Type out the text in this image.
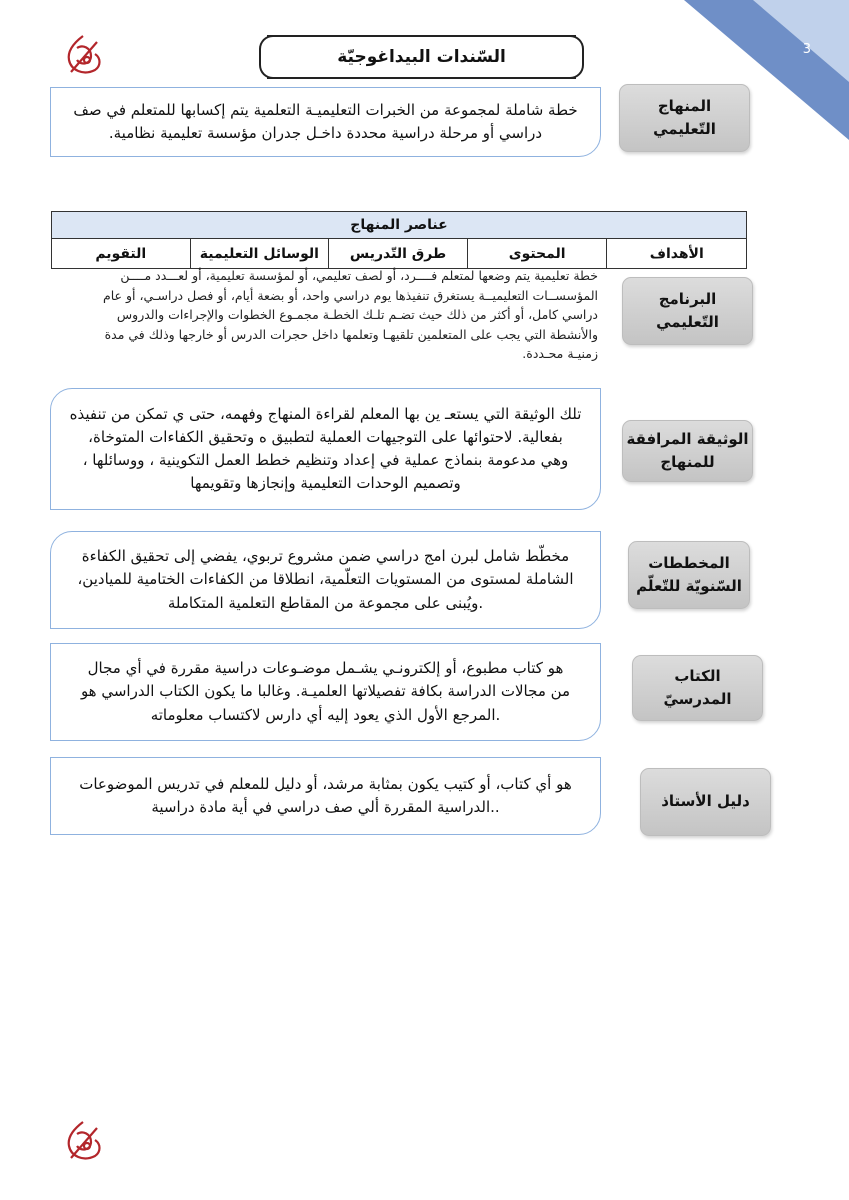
3
السّندات البيداغوجيّة
المنهاج
التّعليمي
خطة شاملة لمجموعة من الخبرات التعليميـة التعلمية يتم إكسابها للمتعلم في صف دراسي أو مرحلة دراسية محددة داخـل جدران مؤسسة تعليمية نظامية.
عناصر المنهاج
الأهداف	المحتوى	طرق التّدريس	الوسائل التعليمية	التقويم
البرنامج
التّعليمي
خطة تعليمية يتم وضعها لمتعلم فــــرد، أو لصف تعليمي، أو لمؤسسة تعليمية، أو لعـــدد مــــن
المؤسســات التعليميــة يستغرق تنفيذها يوم دراسي واحد، أو بضعة أيام، أو فصل دراسـي، أو عام
دراسي كامل، أو أكثر من ذلك حيث تضـم تلـك الخطـة مجمـوع الخطوات والإجراءات والدروس
والأنشطة التي يجب على المتعلمين تلقيهـا وتعلمها داخل حجرات الدرس أو خارجها وذلك في مدة
زمنيـة محـددة.
الوثيقة المرافقة
للمنهاج
تلك الوثيقة التي يستعـ ين بها المعلم لقراءة المنهاج وفهمه، حتى ي تمكن من تنفيذه
بفعالية. لاحتوائها على التوجيهات العملية لتطبيق ه وتحقيق الكفاءات المتوخاة،
وهي مدعومة بنماذج عملية في إعداد وتنظيم خطط العمل التكوينية ، ووسائلها ،
وتصميم الوحدات التعليمية وإنجازها وتقويمها
المخططات
السّنويّة للتّعلّم
مخطّط شامل لبرن امج دراسي ضمن مشروع تربوي، يفضي إلى تحقيق الكفاءة
الشاملة لمستوى من المستويات التعلّمية، انطلاقا من الكفاءات الختامية للميادين،
.ويُبنى على مجموعة من المقاطع التعلمية المتكاملة
الكتاب
المدرسيّ
هو كتاب مطبوع، أو إلكترونـي يشـمل موضـوعات دراسية مقررة في أي مجال
من مجالات الدراسة بكافة تفصيلاتها العلميـة. وغالبا ما يكون الكتاب الدراسي هو
.المرجع الأول الذي يعود إليه أي دارس لاكتساب معلوماته
دليل الأستاذ
هو أي كتاب، أو كتيب يكون بمثابة مرشد، أو دليل للمعلم في تدريس الموضوعات
..الدراسية المقررة ألي صف دراسي في أية مادة دراسية
